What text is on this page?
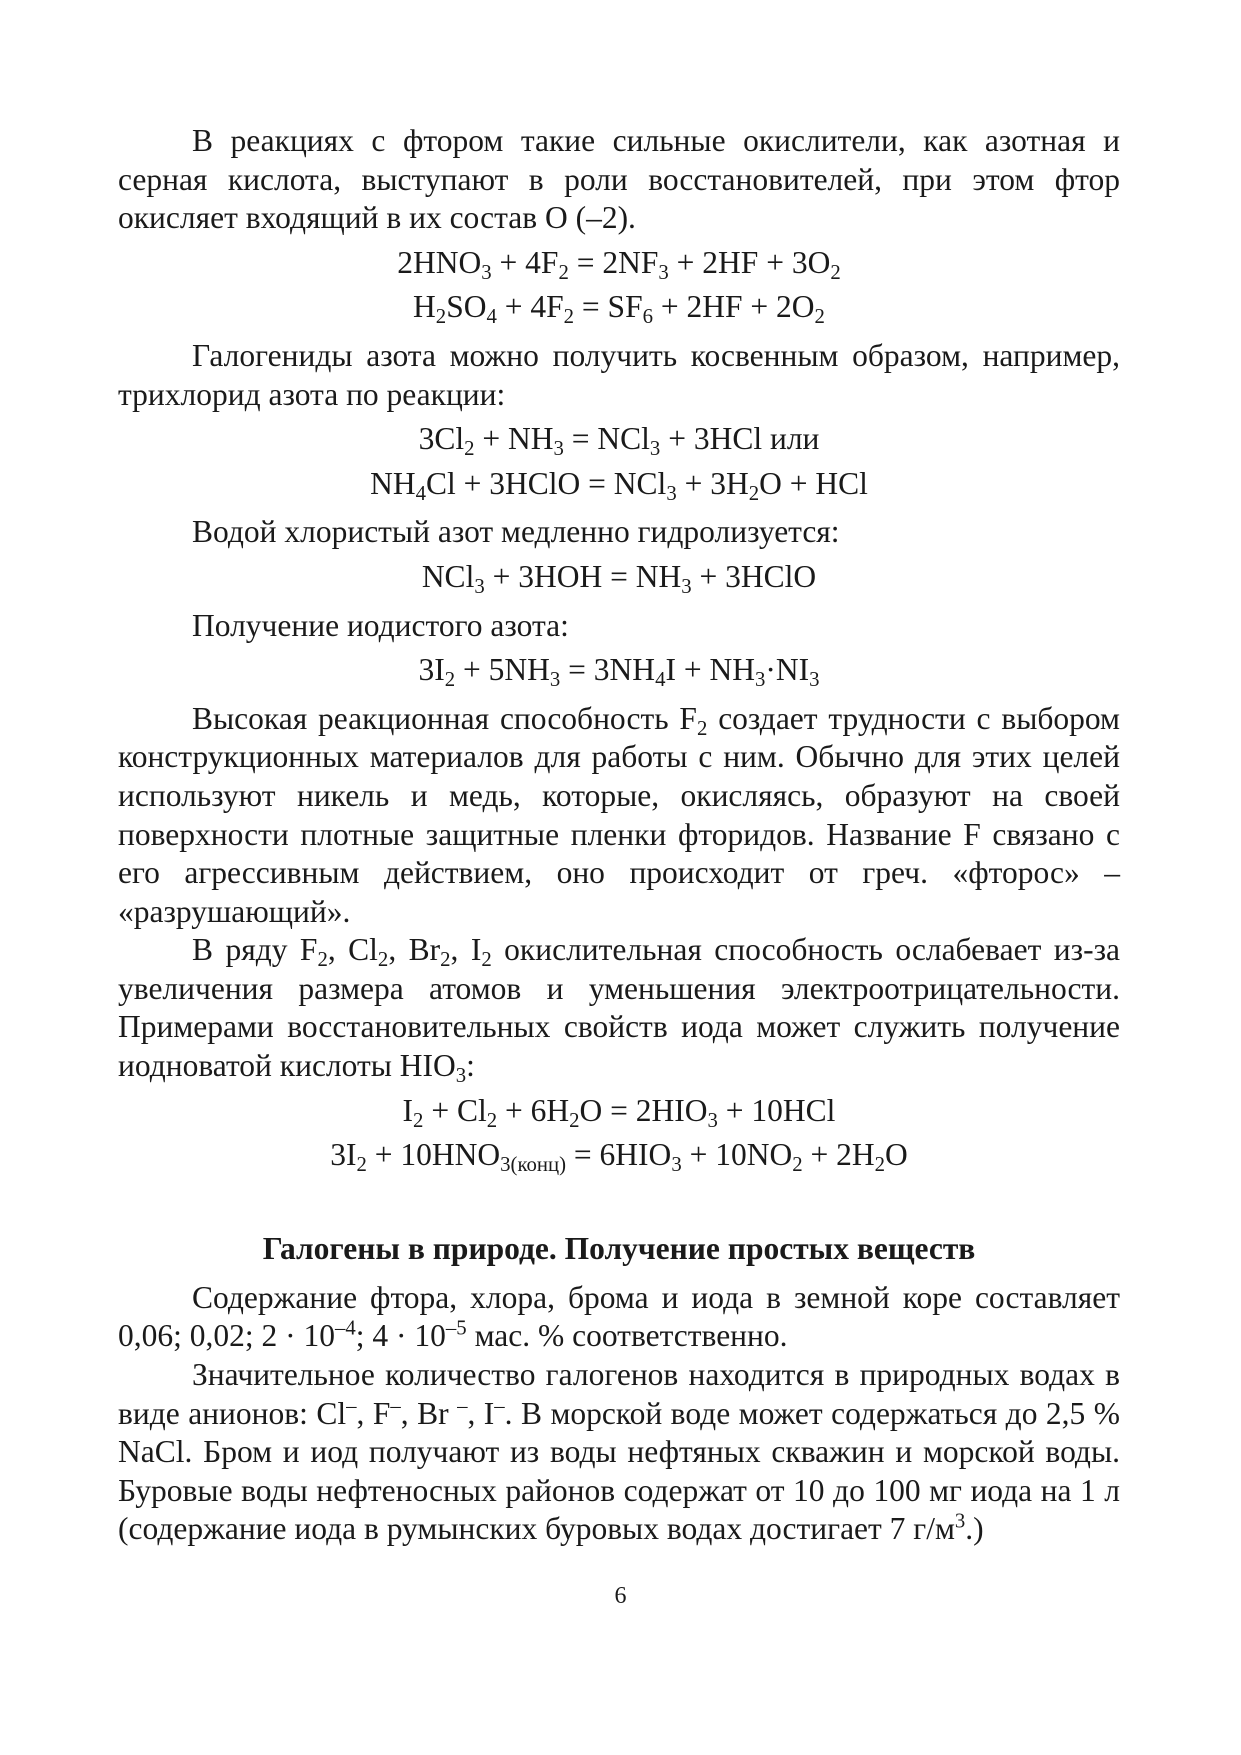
В реакциях с фтором такие сильные окислители, как азотная и серная кислота, выступают в роли восстановителей, при этом фтор окисляет входящий в их состав О (–2).

$2HNO_3 + 4F_2 = 2NF_3 + 2HF + 3O_2$
$H_2SO_4 + 4F_2 = SF_6 + 2HF + 2O_2$

Галогениды азота можно получить косвенным образом, например, трихлорид азота по реакции:

$3Cl_2 + NH_3 = NCl_3 + 3HCl$ или
$NH_4Cl$ + 3HClO = $NCl_3 + 3H_2O$ + HCl

Водой хлористый азот медленно гидролизуется:

$NCl_3 + 3HOH = NH_3$ + 3HClO

Получение иодистого азота:

$3I_2 + 5NH_3 = 3NH_4I + NH_3\cdot NI_3$

Высокая реакционная способность $F_2$ создает трудности с выбором конструкционных материалов для работы с ним. Обычно для этих целей используют никель и медь, которые, окисляясь, образуют на своей поверхности плотные защитные пленки фторидов. Название F связано с его агрессивным действием, оно происходит от греч. «фторос» – «разрушающий».

В ряду $F_2$, $Cl_2$, $Br_2$, $I_2$ окислительная способность ослабевает из-за увеличения размера атомов и уменьшения электроотрицательности. Примерами восстановительных свойств иода может служить получение иодноватой кислоты $HIO_3$:

$I_2 + Cl_2 + 6H_2O = 2HIO_3 + 10HCl$
$3I_2 + 10HNO_{3(конц)} = 6HIO_3 + 10NO_2 + 2H_2O$
Галогены в природе. Получение простых веществ

Содержание фтора, хлора, брома и иода в земной коре составляет 0,06; 0,02; $2 \cdot 10^{-4}$; $4 \cdot 10^{-5}$ мас. % соответственно.

Значительное количество галогенов находится в природных водах в виде анионов: Cl–, F–, Br –, I–. В морской воде может содержаться до 2,5 % NaCl. Бром и иод получают из воды нефтяных скважин и морской воды. Буровые воды нефтеносных районов содержат от 10 до 100 мг иода на 1 л (содержание иода в румынских буровых водах достигает 7 $г/м^3$.)

6
